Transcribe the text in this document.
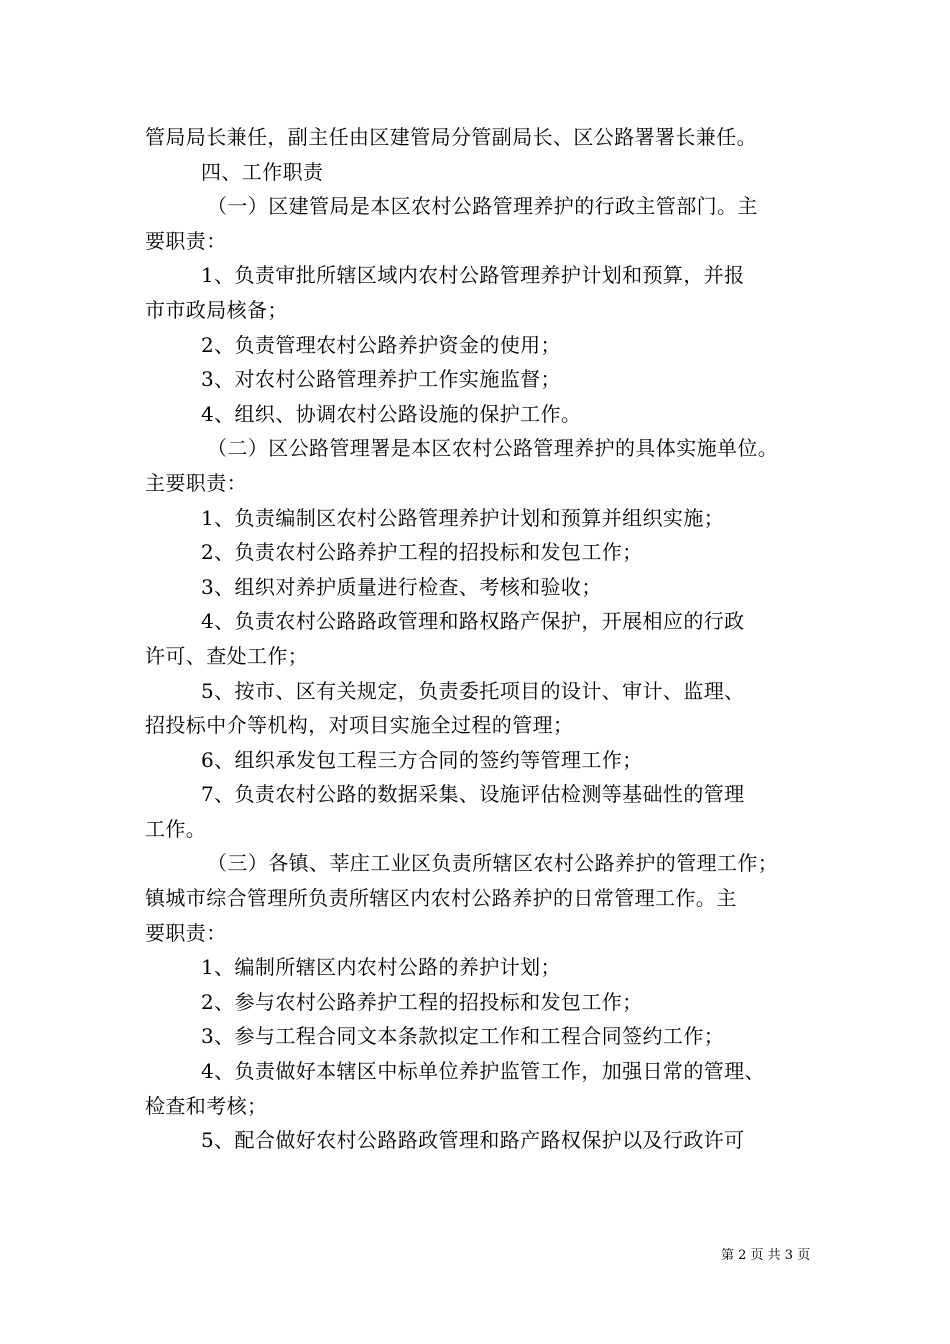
管局局长兼任，副主任由区建管局分管副局长、区公路署署长兼任。
四、工作职责
（一）区建管局是本区农村公路管理养护的行政主管部门。主
要职责：
1、负责审批所辖区域内农村公路管理养护计划和预算，并报
市市政局核备；
2、负责管理农村公路养护资金的使用；
3、对农村公路管理养护工作实施监督；
4、组织、协调农村公路设施的保护工作。
（二）区公路管理署是本区农村公路管理养护的具体实施单位。
主要职责：
1、负责编制区农村公路管理养护计划和预算并组织实施；
2、负责农村公路养护工程的招投标和发包工作；
3、组织对养护质量进行检查、考核和验收；
4、负责农村公路路政管理和路权路产保护，开展相应的行政
许可、查处工作；
5、按市、区有关规定，负责委托项目的设计、审计、监理、
招投标中介等机构，对项目实施全过程的管理；
6、组织承发包工程三方合同的签约等管理工作；
7、负责农村公路的数据采集、设施评估检测等基础性的管理
工作。
（三）各镇、莘庄工业区负责所辖区农村公路养护的管理工作；
镇城市综合管理所负责所辖区内农村公路养护的日常管理工作。主
要职责：
1、编制所辖区内农村公路的养护计划；
2、参与农村公路养护工程的招投标和发包工作；
3、参与工程合同文本条款拟定工作和工程合同签约工作；
4、负责做好本辖区中标单位养护监管工作，加强日常的管理、
检查和考核；
5、配合做好农村公路路政管理和路产路权保护以及行政许可
第 2 页 共 3 页
